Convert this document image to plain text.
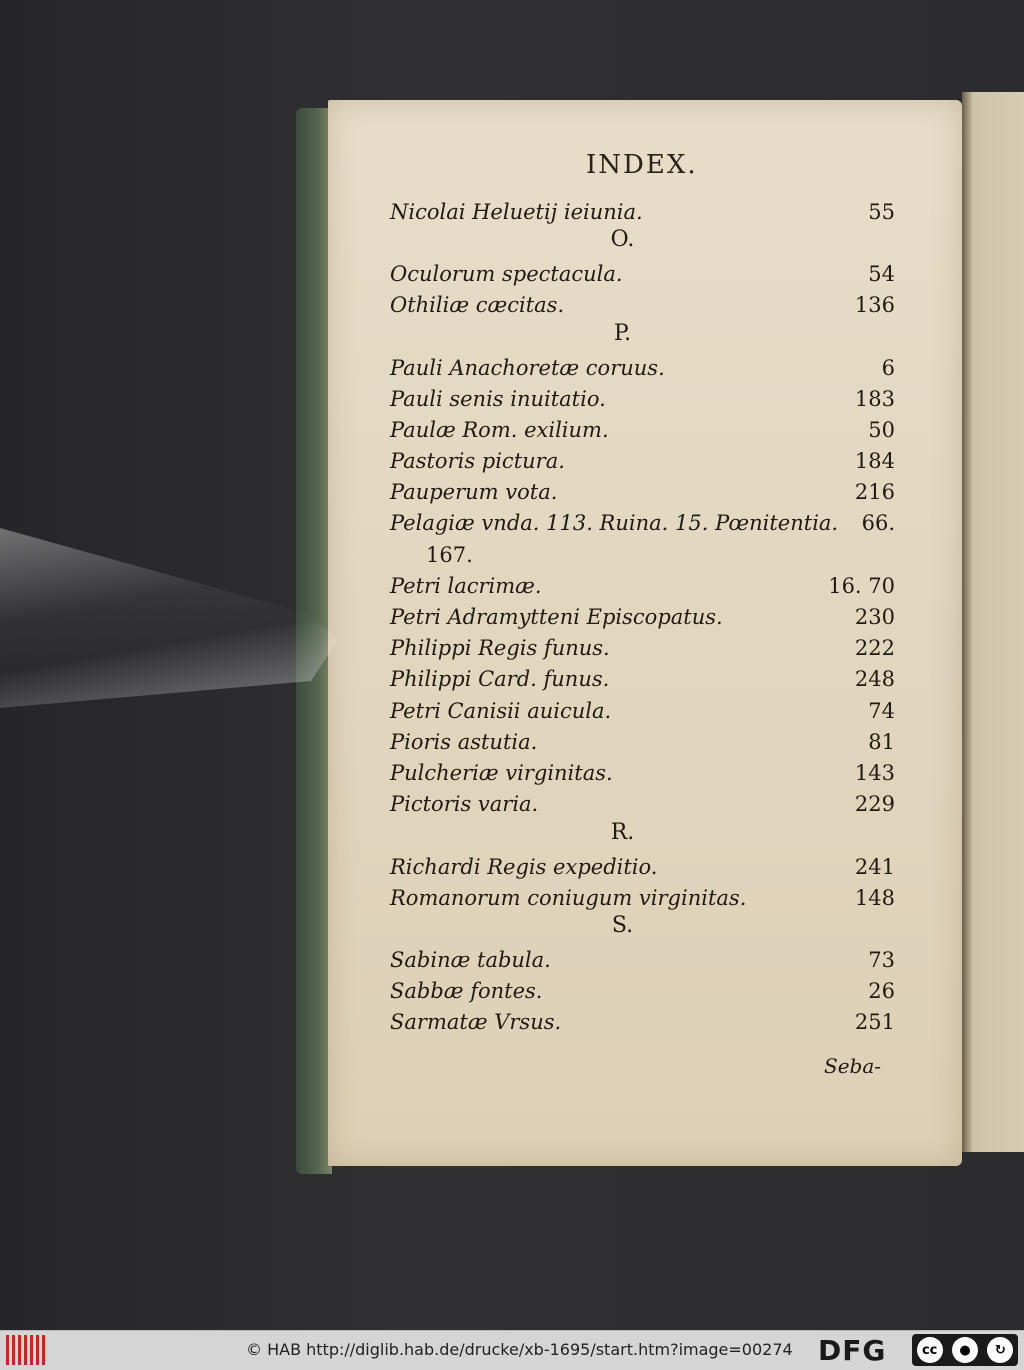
INDEX.
Nicolai Heluetij ieiunia.	55
O.
Oculorum spectacula.	54
Othiliæ cæcitas.	136
P.
Pauli Anachoretæ coruus.	6
Pauli senis inuitatio.	183
Paulæ Rom. exilium.	50
Pastoris pictura.	184
Pauperum vota.	216
Pelagiæ vnda. 113. Ruina. 15. Pœnitentia. 66.
167.
Petri lacrimæ.	16. 70
Petri Adramytteni Episcopatus.	230
Philippi Regis funus.	222
Philippi Card. funus.	248
Petri Canisii auicula.	74
Pioris astutia.	81
Pulcheriæ virginitas.	143
Pictoris varia.	229
R.
Richardi Regis expeditio.	241
Romanorum coniugum virginitas.	148
S.
Sabinæ tabula.	73
Sabbæ fontes.	26
Sarmatæ Vrsus.	251
Seba-
© HAB http://diglib.hab.de/drucke/xb-1695/start.htm?image=00274 DFG	cc	●	↻
